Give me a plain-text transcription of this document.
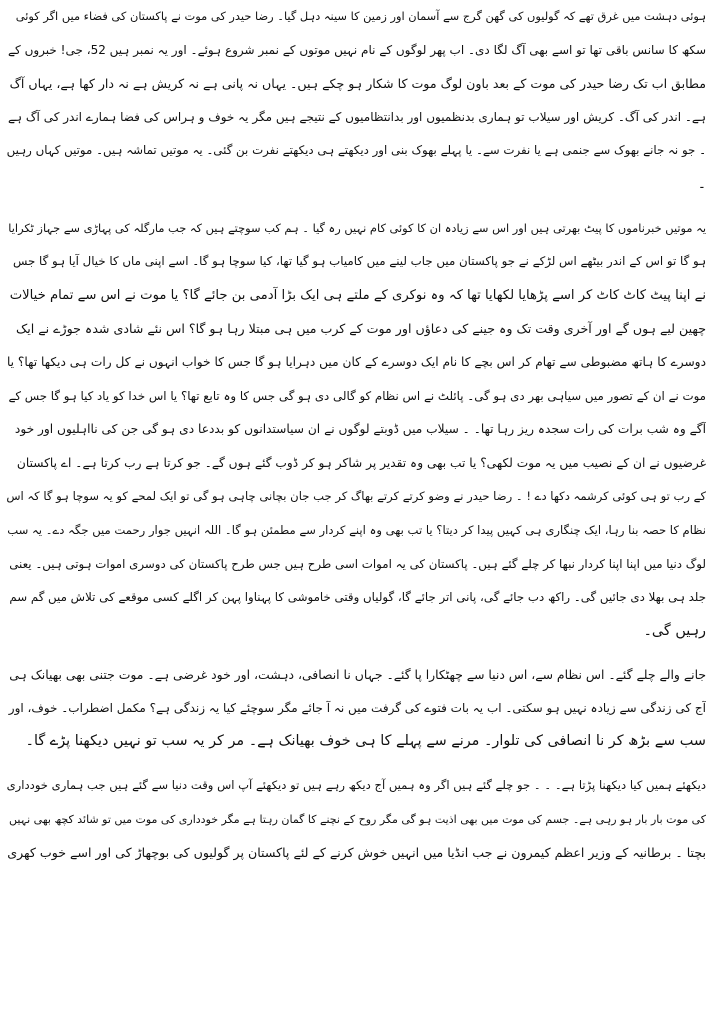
ہوئی دہشت میں غرق تھے کہ گولیوں کی گھن گرج سے آسمان اور زمین کا سینہ دہل گیا۔ رضا حیدر کی موت نے پاکستان کی فضاء میں اگر کوئی
سکھ کا سانس باقی تھا تو اسے بھی آگ لگا دی۔ اب پھر لوگوں کے نام نہیں موتوں کے نمبر شروع ہوئے۔ اور یہ نمبر ہیں 52، جی! خبروں کے
مطابق اب تک رضا حیدر کی موت کے بعد باون لوگ موت کا شکار ہو چکے ہیں۔ یہاں نہ پانی ہے نہ کریش ہے نہ دار کھا ہے، یہاں آگ
ہے۔ اندر کی آگ۔ کریش اور سیلاب تو ہماری بدنظمیوں اور بدانتظامیوں کے نتیجے ہیں مگر یہ خوف و ہراس کی فضا ہمارے اندر کی آگ ہے
۔ جو نہ جانے بھوک سے جنمی ہے یا نفرت سے۔ یا پہلے بھوک بنی اور دیکھتے ہی دیکھتے نفرت بن گئی۔ یہ موتیں تماشہ ہیں۔ موتیں کہاں رہیں
۔
یہ موتیں خبرناموں کا پیٹ بھرتی ہیں اور اس سے زیادہ ان کا کوئی کام نہیں رہ گیا ۔ ہم کب سوچتے ہیں کہ جب مارگلہ کی پہاڑی سے جہاز ٹکرایا
ہو گا تو اس کے اندر بیٹھے اس لڑکے نے جو پاکستان میں جاب لینے میں کامیاب ہو گیا تھا، کیا سوچا ہو گا۔ اسے اپنی ماں کا خیال آیا ہو گا جس
نے اپنا پیٹ کاٹ کاٹ کر اسے پڑھایا لکھایا تھا کہ وہ نوکری کے ملتے ہی ایک بڑا آدمی بن جائے گا؟ یا موت نے اس سے تمام خیالات
چھین لیے ہوں گے اور آخری وقت تک وہ جینے کی دعاؤں اور موت کے کرب میں ہی مبتلا رہا ہو گا؟ اس نئے شادی شدہ جوڑے نے ایک
دوسرے کا ہاتھ مضبوطی سے تھام کر اس بچے کا نام ایک دوسرے کے کان میں دہرایا ہو گا جس کا خواب انہوں نے کل رات ہی دیکھا تھا؟ یا
موت نے ان کے تصور میں سیاہی بھر دی ہو گی۔ پائلٹ نے اس نظام کو گالی دی ہو گی جس کا وہ تابع تھا؟ یا اس خدا کو یاد کیا ہو گا جس کے
آگے وہ شب برات کی رات سجدہ ریز رہا تھا۔ ۔ سیلاب میں ڈوبتے لوگوں نے ان سیاستدانوں کو بددعا دی ہو گی جن کی نااہلیوں اور خود
غرضیوں نے ان کے نصیب میں یہ موت لکھی؟ یا تب بھی وہ تقدیر پر شاکر ہو کر ڈوب گئے ہوں گے۔ جو کرتا ہے رب کرتا ہے۔ اے پاکستان
کے رب تو ہی کوئی کرشمہ دکھا دے ! ۔ رضا حیدر نے وضو کرتے کرتے بھاگ کر جب جان بچانی چاہی ہو گی تو ایک لمحے کو یہ سوچا ہو گا کہ اس
نظام کا حصہ بنا رہا، ایک چنگاری ہی کہیں پیدا کر دیتا؟ یا تب بھی وہ اپنے کردار سے مطمئن ہو گا۔ اللہ انہیں جوار رحمت میں جگہ دے۔ یہ سب
لوگ دنیا میں اپنا اپنا کردار نبھا کر چلے گئے ہیں۔ پاکستان کی یہ اموات اسی طرح ہیں جس طرح پاکستان کی دوسری اموات ہوتی ہیں۔ یعنی
جلد ہی بھلا دی جائیں گی۔ راکھ دب جائے گی، پانی اتر جائے گا، گولیاں وقتی خاموشی کا پہناوا پہن کر اگلے کسی موقعے کی تلاش میں گم سم
رہیں گی۔
جانے والے چلے گئے۔ اس نظام سے، اس دنیا سے چھٹکارا پا گئے۔ جہاں نا انصافی، دہشت، اور خود غرضی ہے۔ موت جتنی بھی بھیانک ہی
آج کی زندگی سے زیادہ نہیں ہو سکتی۔ اب یہ بات فتوے کی گرفت میں نہ آ جائے مگر سوچئے کیا یہ زندگی ہے؟ مکمل اضطراب۔ خوف، اور
سب سے بڑھ کر نا انصافی کی تلوار۔ مرنے سے پہلے کا ہی خوف بھیانک ہے۔ مر کر یہ سب تو نہیں دیکھنا پڑے گا۔
دیکھئے ہمیں کیا دیکھنا پڑتا ہے۔ ۔ ۔ جو چلے گئے ہیں اگر وہ ہمیں آج دیکھ رہے ہیں تو دیکھئے آپ اس وقت دنیا سے گئے ہیں جب ہماری خودداری
کی موت بار بار ہو رہی ہے۔ جسم کی موت میں بھی اذیت ہو گی مگر روح کے نچنے کا گمان رہتا ہے مگر خودداری کی موت میں تو شائد کچھ بھی نہیں
بچتا ۔ برطانیہ کے وزیر اعظم کیمرون نے جب انڈیا میں انہیں خوش کرنے کے لئے پاکستان پر گولیوں کی بوچھاڑ کی اور اسے خوب کھری
